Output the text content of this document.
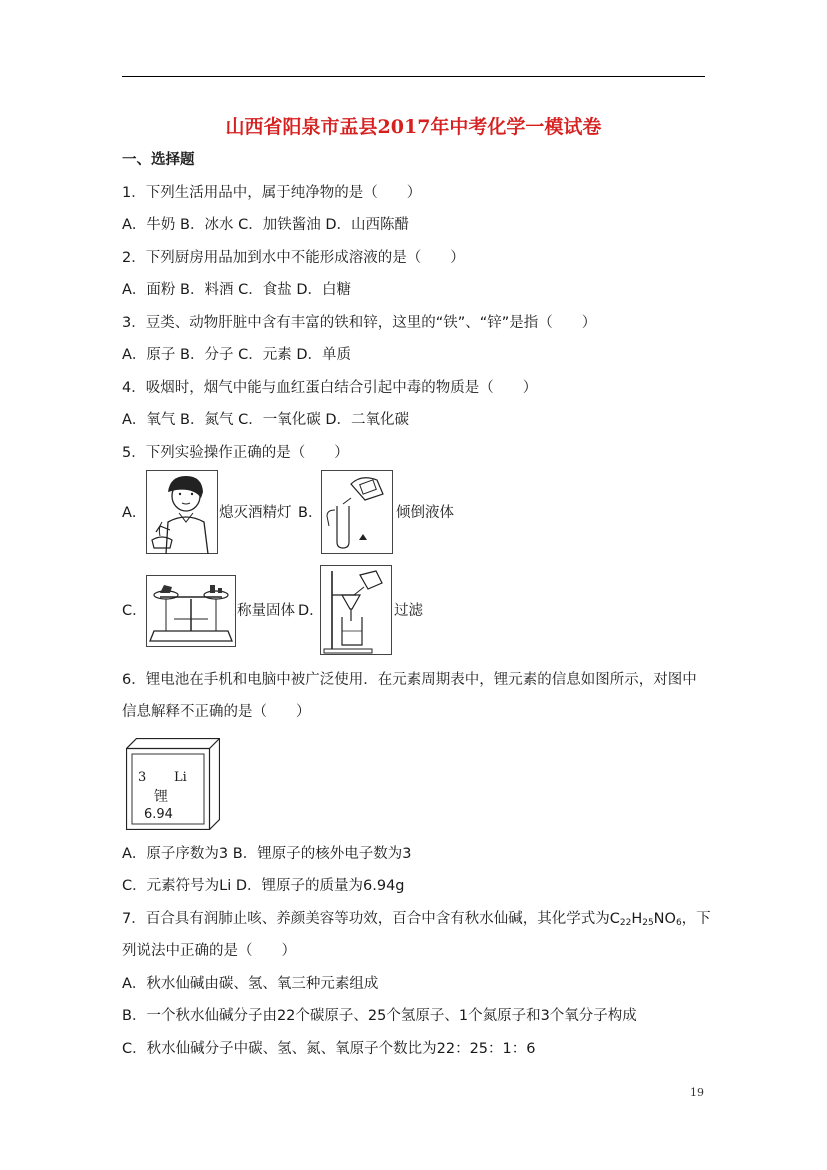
山西省阳泉市盂县2017年中考化学一模试卷
一、选择题
1．下列生活用品中，属于纯净物的是（　　）
A．牛奶 B．冰水 C．加铁酱油 D．山西陈醋
2．下列厨房用品加到水中不能形成溶液的是（　　）
A．面粉 B．料酒 C．食盐 D．白糖
3．豆类、动物肝脏中含有丰富的铁和锌，这里的“铁”、“锌”是指（　　）
A．原子 B．分子 C．元素 D．单质
4．吸烟时，烟气中能与血红蛋白结合引起中毒的物质是（　　）
A．氧气 B．氮气 C．一氧化碳 D．二氧化碳
5．下列实验操作正确的是（　　）
A．	熄灭酒精灯 B．	倾倒液体
C．	称量固体 D．	过滤
6．锂电池在手机和电脑中被广泛使用．在元素周期表中，锂元素的信息如图所示，对图中
信息解释不正确的是（　　）
3 Li
锂
6.94
A．原子序数为3 B．锂原子的核外电子数为3
C．元素符号为Li D．锂原子的质量为6.94g
7．百合具有润肺止咳、养颜美容等功效，百合中含有秋水仙碱，其化学式为$C_{22}H_{25}NO_6$，下
列说法中正确的是（　　）
A．秋水仙碱由碳、氢、氧三种元素组成
B．一个秋水仙碱分子由22个碳原子、25个氢原子、1个氮原子和3个氧分子构成
C．秋水仙碱分子中碳、氢、氮、氧原子个数比为22：25：1：6
19
